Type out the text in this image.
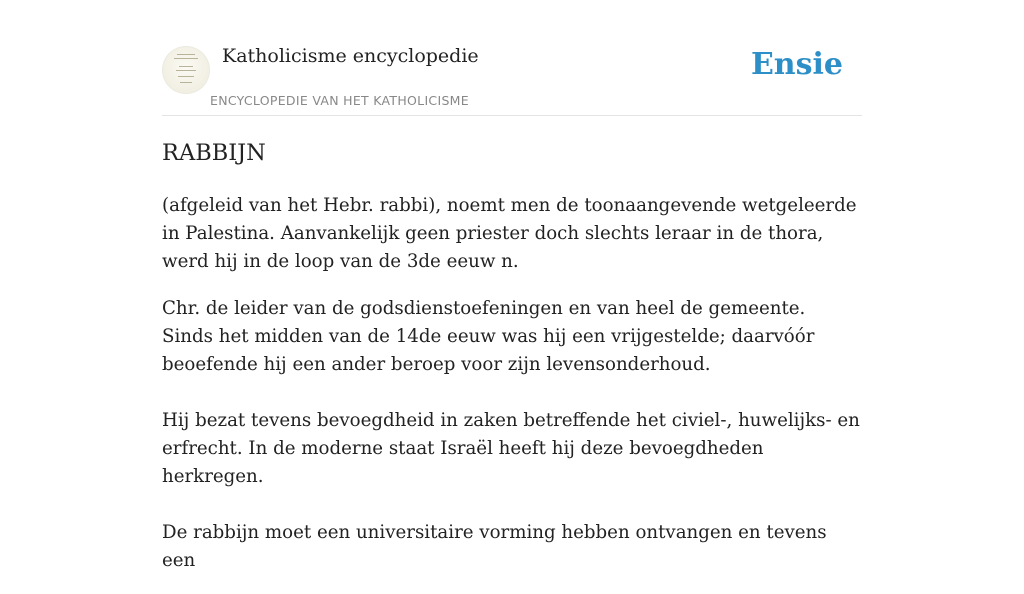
Katholicisme encyclopedie
ENCYCLOPEDIE VAN HET KATHOLICISME
Ensie
RABBIJN

(afgeleid van het Hebr. rabbi), noemt men de toonaangevende wetgeleerde in Palestina. Aanvankelijk geen priester doch slechts leraar in de thora, werd hij in de loop van de 3de eeuw n.

Chr. de leider van de godsdienstoefeningen en van heel de gemeente. Sinds het midden van de 14de eeuw was hij een vrijgestelde; daarvóór beoefende hij een ander beroep voor zijn levensonderhoud.

Hij bezat tevens bevoegdheid in zaken betreffende het civiel-, huwelijks- en erfrecht. In de moderne staat Israël heeft hij deze bevoegdheden herkregen.

De rabbijn moet een universitaire vorming hebben ontvangen en tevens een
